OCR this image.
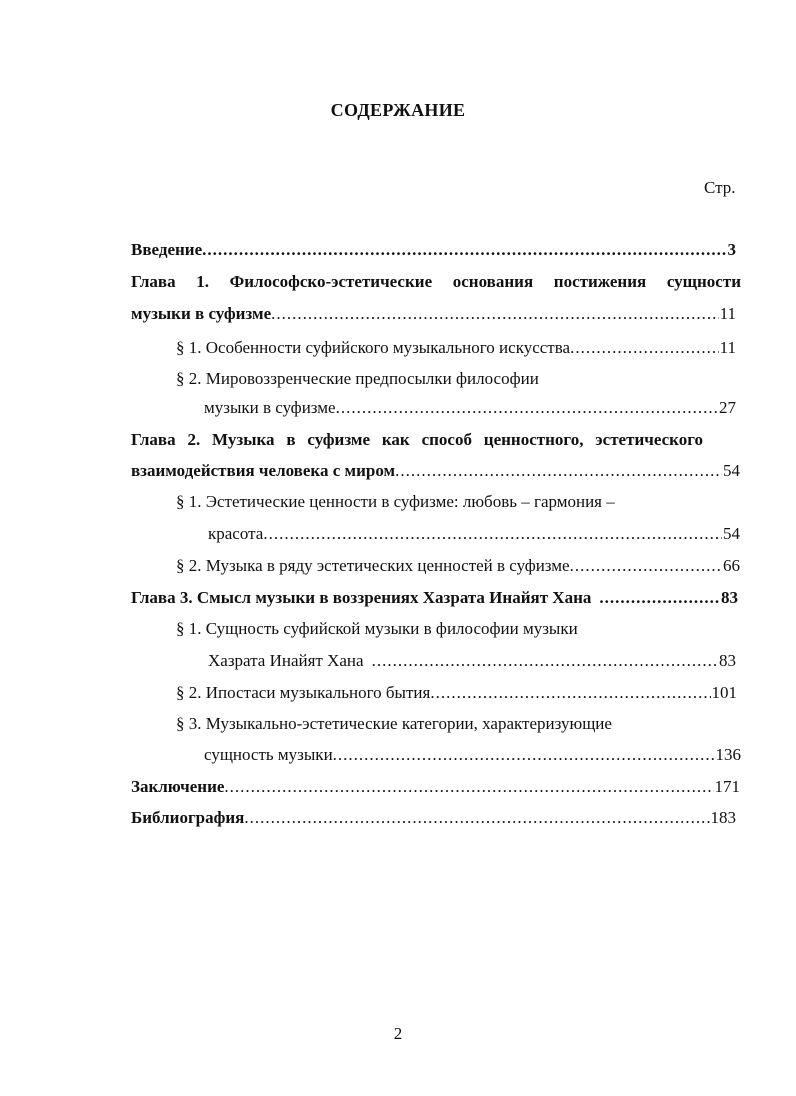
СОДЕРЖАНИЕ
Стр.
Введение .....	3
Глава 1. Философско-эстетические основания постижения сущности
музыки в суфизме .....	11
§ 1. Особенности суфийского музыкального искусства .....	11
§ 2. Мировоззренческие предпосылки философии
музыки в суфизме .....	27
Глава 2. Музыка в суфизме как способ ценностного, эстетического
взаимодействия человека с миром .....	54
§ 1. Эстетические ценности в суфизме: любовь – гармония –
красота .....	54
§ 2. Музыка в ряду эстетических ценностей в суфизме .....	66
Глава 3. Смысл музыки в воззрениях Хазрата Инайят Хана .....	83
§ 1. Сущность суфийской музыки в философии музыки
Хазрата Инайят Хана .....	83
§ 2. Ипостаси музыкального бытия .....	101
§ 3. Музыкально-эстетические категории, характеризующие
сущность музыки .....	136
Заключение .....	171
Библиография .....	183
2
